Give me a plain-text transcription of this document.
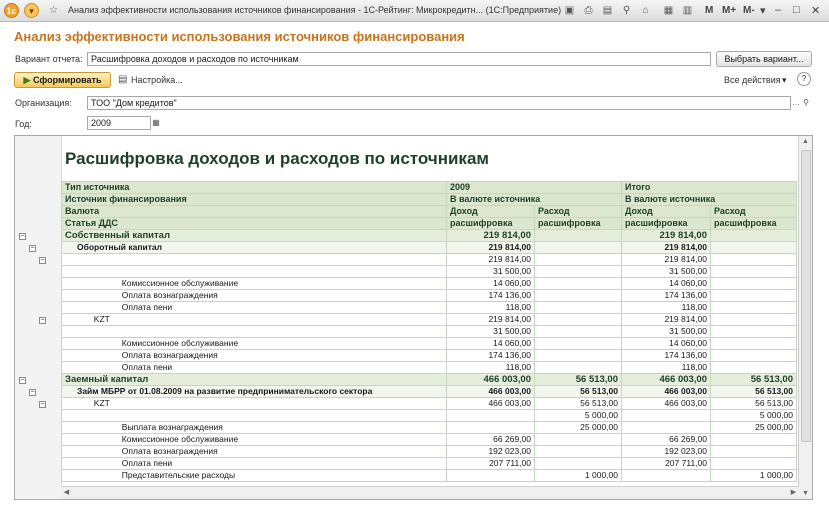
1c	▾	☆ Анализ эффективности использования источников финансирования - 1С-Рейтинг: Микрокредитн... (1С:Предприятие) ▣ ⎙ ▤ ⚲	⌂	▦ ▥ M M+ M- ▾ – □ ✕
Анализ эффективности использования источников финансирования
Вариант отчета: Расшифровка доходов и расходов по источникам	Выбрать вариант...
▶ Сформировать	▤ Настройка...	Все действия ▾	?
Организация:	ТОО "Дом кредитов"	… ⚲
Год:	2009	▦
Расшифровка доходов и расходов по источникам
Тип источника	2009		Итого	
Источник финансирования	В валюте источника		В валюте источника	
Валюта	Доход	Расход	Доход	Расход
Статья ДДС	расшифровка	расшифровка	расшифровка	расшифровка
Собственный капитал	219 814,00		219 814,00	
Оборотный капитал	219 814,00		219 814,00	
	219 814,00		219 814,00	
	31 500,00		31 500,00	
Комиссионное обслуживание	14 060,00		14 060,00	
Оплата вознаграждения	174 136,00		174 136,00	
Оплата пени	118,00		118,00	
KZT	219 814,00		219 814,00	
	31 500,00		31 500,00	
Комиссионное обслуживание	14 060,00		14 060,00	
Оплата вознаграждения	174 136,00		174 136,00	
Оплата пени	118,00		118,00	
Заемный капитал	466 003,00	56 513,00	466 003,00	56 513,00
Займ МБРР от 01.08.2009 на развитие предпринимательского сектора	466 003,00	56 513,00	466 003,00	56 513,00
KZT	466 003,00	56 513,00	466 003,00	56 513,00
		5 000,00		5 000,00
Выплата вознаграждения		25 000,00		25 000,00
Комиссионное обслуживание	66 269,00		66 269,00	
Оплата вознаграждения	192 023,00		192 023,00	
Оплата пени	207 711,00		207 711,00	
Представительские расходы		1 000,00		1 000,00
−
−
−
−
−
−
−
▲
▼
◀	▶
